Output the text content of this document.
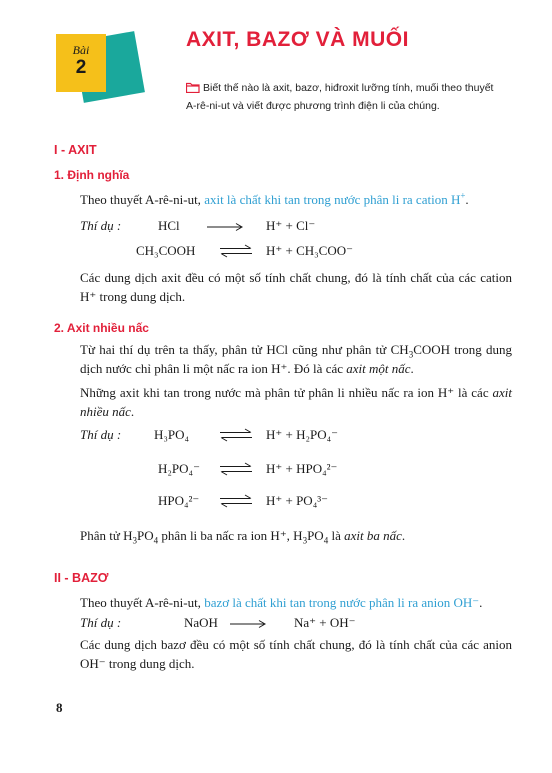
Bài
2
AXIT, BAZƠ VÀ MUỐI
Biết thế nào là axit, bazơ, hiđroxit lưỡng tính, muối theo thuyết A-rê-ni-ut và viết được phương trình điện li của chúng.
I - AXIT
1. Định nghĩa
Theo thuyết A-rê-ni-ut, axit là chất khi tan trong nước phân li ra cation H+.
Thí dụ :	HCl	H⁺ + Cl⁻
CH₃COOH	H⁺ + CH₃COO⁻
Các dung dịch axit đều có một số tính chất chung, đó là tính chất của các cation H⁺ trong dung dịch.
2. Axit nhiều nấc
Từ hai thí dụ trên ta thấy, phân tử HCl cũng như phân tử $CH_3COOH$ trong dung dịch nước chỉ phân li một nấc ra ion H⁺. Đó là các axit một nấc.
Những axit khi tan trong nước mà phân tử phân li nhiều nấc ra ion H⁺ là các axit nhiều nấc.
Thí dụ :	H₃PO₄	H⁺ + H₂PO₄⁻
H₂PO₄⁻	H⁺ + HPO₄²⁻
HPO₄²⁻	H⁺ + PO₄³⁻
Phân tử $H_3PO_4$ phân li ba nấc ra ion H⁺, $H_3PO_4$ là axit ba nấc.
II - BAZƠ
Theo thuyết A-rê-ni-ut, bazơ là chất khi tan trong nước phân li ra anion OH⁻.
Thí dụ :	NaOH	Na⁺ + OH⁻
Các dung dịch bazơ đều có một số tính chất chung, đó là tính chất của các anion OH⁻ trong dung dịch.
8
